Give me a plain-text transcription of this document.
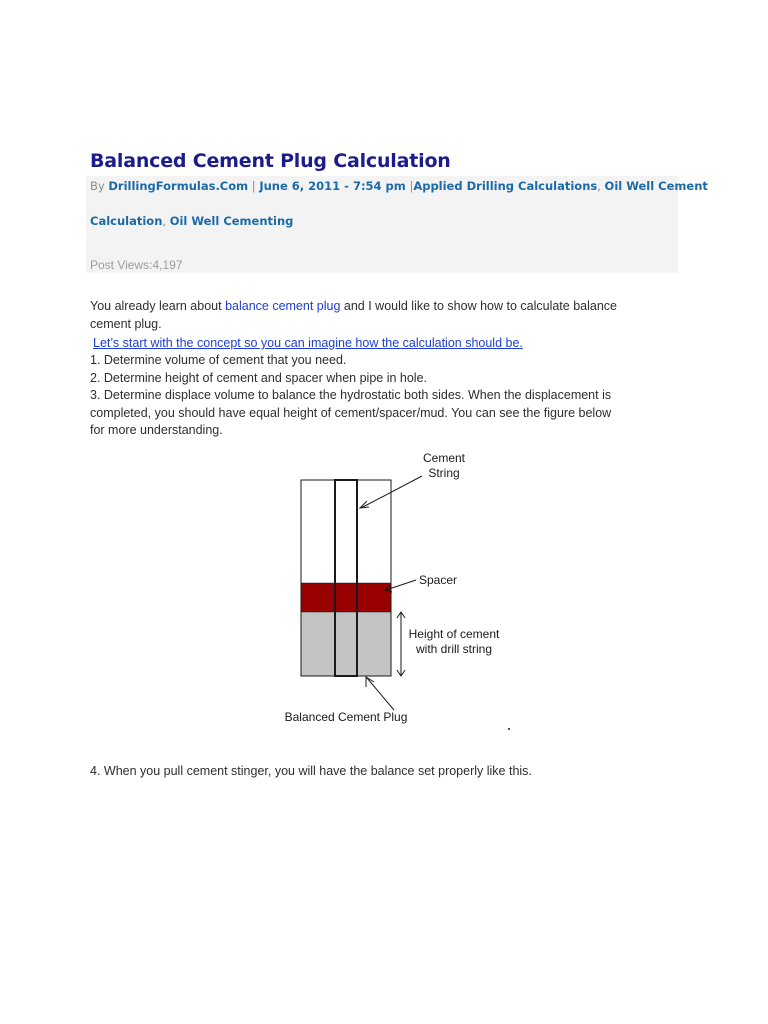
Balanced Cement Plug Calculation
By DrillingFormulas.Com | June 6, 2011 - 7:54 pm |Applied Drilling Calculations, Oil Well Cement
Calculation, Oil Well Cementing
Post Views:4,197
You already learn about balance cement plug and I would like to show how to calculate balance
cement plug.
Let’s start with the concept so you can imagine how the calculation should be.
1. Determine volume of cement that you need.
2. Determine height of cement and spacer when pipe in hole.
3. Determine displace volume to balance the hydrostatic both sides. When the displacement is
completed, you should have equal height of cement/spacer/mud. You can see the figure below
for more understanding.
Cement
String
Spacer
Height of cement
with drill string
Balanced Cement Plug
4. When you pull cement stinger, you will have the balance set properly like this.
